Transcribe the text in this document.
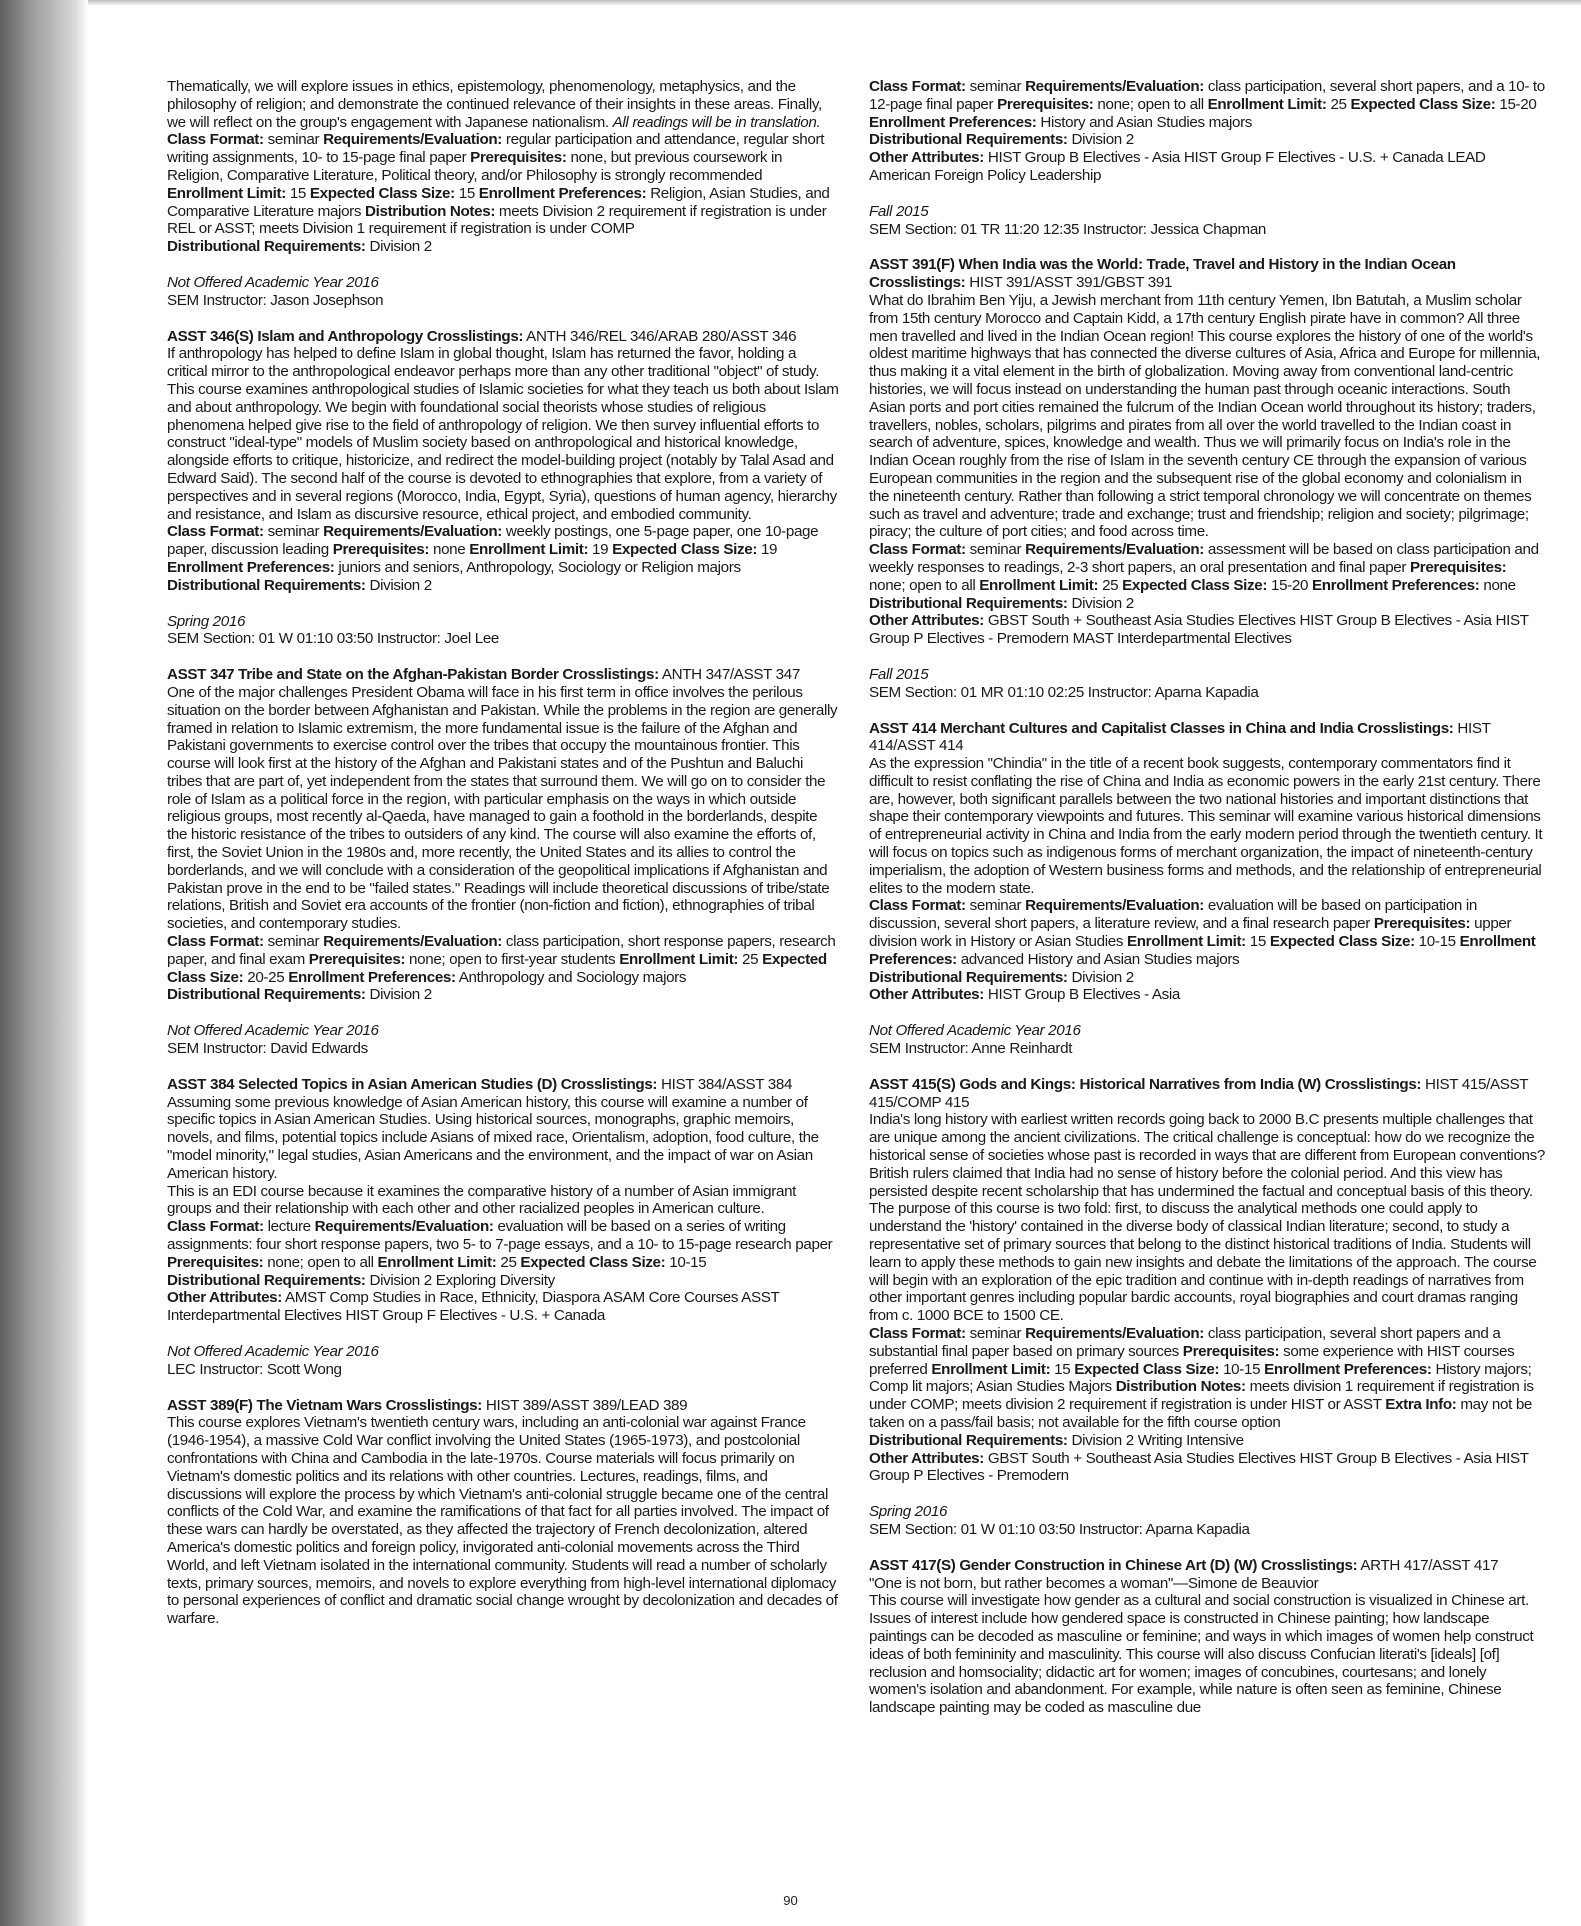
Thematically, we will explore issues in ethics, epistemology, phenomenology, metaphysics, and the philosophy of religion; and demonstrate the continued relevance of their insights in these areas. Finally, we will reflect on the group's engagement with Japanese nationalism. All readings will be in translation.

Class Format: seminar Requirements/Evaluation: regular participation and attendance, regular short writing assignments, 10- to 15-page final paper Prerequisites: none, but previous coursework in Religion, Comparative Literature, Political theory, and/or Philosophy is strongly recommended Enrollment Limit: 15 Expected Class Size: 15 Enrollment Preferences: Religion, Asian Studies, and Comparative Literature majors Distribution Notes: meets Division 2 requirement if registration is under REL or ASST; meets Division 1 requirement if registration is under COMP

Distributional Requirements: Division 2

Not Offered Academic Year 2016

SEM Instructor: Jason Josephson

ASST 346(S) Islam and Anthropology Crosslistings: ANTH 346/REL 346/ARAB 280/ASST 346

If anthropology has helped to define Islam in global thought, Islam has returned the favor, holding a critical mirror to the anthropological endeavor perhaps more than any other traditional "object" of study. This course examines anthropological studies of Islamic societies for what they teach us both about Islam and about anthropology. We begin with foundational social theorists whose studies of religious phenomena helped give rise to the field of anthropology of religion. We then survey influential efforts to construct "ideal-type" models of Muslim society based on anthropological and historical knowledge, alongside efforts to critique, historicize, and redirect the model-building project (notably by Talal Asad and Edward Said). The second half of the course is devoted to ethnographies that explore, from a variety of perspectives and in several regions (Morocco, India, Egypt, Syria), questions of human agency, hierarchy and resistance, and Islam as discursive resource, ethical project, and embodied community.

Class Format: seminar Requirements/Evaluation: weekly postings, one 5-page paper, one 10-page paper, discussion leading Prerequisites: none Enrollment Limit: 19 Expected Class Size: 19 Enrollment Preferences: juniors and seniors, Anthropology, Sociology or Religion majors

Distributional Requirements: Division 2

Spring 2016

SEM Section: 01 W 01:10 03:50 Instructor: Joel Lee

ASST 347 Tribe and State on the Afghan-Pakistan Border Crosslistings: ANTH 347/ASST 347

One of the major challenges President Obama will face in his first term in office involves the perilous situation on the border between Afghanistan and Pakistan. While the problems in the region are generally framed in relation to Islamic extremism, the more fundamental issue is the failure of the Afghan and Pakistani governments to exercise control over the tribes that occupy the mountainous frontier. This course will look first at the history of the Afghan and Pakistani states and of the Pushtun and Baluchi tribes that are part of, yet independent from the states that surround them. We will go on to consider the role of Islam as a political force in the region, with particular emphasis on the ways in which outside religious groups, most recently al-Qaeda, have managed to gain a foothold in the borderlands, despite the historic resistance of the tribes to outsiders of any kind. The course will also examine the efforts of, first, the Soviet Union in the 1980s and, more recently, the United States and its allies to control the borderlands, and we will conclude with a consideration of the geopolitical implications if Afghanistan and Pakistan prove in the end to be "failed states." Readings will include theoretical discussions of tribe/state relations, British and Soviet era accounts of the frontier (non-fiction and fiction), ethnographies of tribal societies, and contemporary studies.

Class Format: seminar Requirements/Evaluation: class participation, short response papers, research paper, and final exam Prerequisites: none; open to first-year students Enrollment Limit: 25 Expected Class Size: 20-25 Enrollment Preferences: Anthropology and Sociology majors

Distributional Requirements: Division 2

Not Offered Academic Year 2016

SEM Instructor: David Edwards

ASST 384 Selected Topics in Asian American Studies (D) Crosslistings: HIST 384/ASST 384

Assuming some previous knowledge of Asian American history, this course will examine a number of specific topics in Asian American Studies. Using historical sources, monographs, graphic memoirs, novels, and films, potential topics include Asians of mixed race, Orientalism, adoption, food culture, the "model minority," legal studies, Asian Americans and the environment, and the impact of war on Asian American history.

This is an EDI course because it examines the comparative history of a number of Asian immigrant groups and their relationship with each other and other racialized peoples in American culture.

Class Format: lecture Requirements/Evaluation: evaluation will be based on a series of writing assignments: four short response papers, two 5- to 7-page essays, and a 10- to 15-page research paper Prerequisites: none; open to all Enrollment Limit: 25 Expected Class Size: 10-15

Distributional Requirements: Division 2 Exploring Diversity

Other Attributes: AMST Comp Studies in Race, Ethnicity, Diaspora ASAM Core Courses ASST Interdepartmental Electives HIST Group F Electives - U.S. + Canada

Not Offered Academic Year 2016

LEC Instructor: Scott Wong

ASST 389(F) The Vietnam Wars Crosslistings: HIST 389/ASST 389/LEAD 389

This course explores Vietnam's twentieth century wars, including an anti-colonial war against France (1946-1954), a massive Cold War conflict involving the United States (1965-1973), and postcolonial confrontations with China and Cambodia in the late-1970s. Course materials will focus primarily on Vietnam's domestic politics and its relations with other countries. Lectures, readings, films, and discussions will explore the process by which Vietnam's anti-colonial struggle became one of the central conflicts of the Cold War, and examine the ramifications of that fact for all parties involved. The impact of these wars can hardly be overstated, as they affected the trajectory of French decolonization, altered America's domestic politics and foreign policy, invigorated anti-colonial movements across the Third World, and left Vietnam isolated in the international community. Students will read a number of scholarly texts, primary sources, memoirs, and novels to explore everything from high-level international diplomacy to personal experiences of conflict and dramatic social change wrought by decolonization and decades of warfare.

Class Format: seminar Requirements/Evaluation: class participation, several short papers, and a 10- to 12-page final paper Prerequisites: none; open to all Enrollment Limit: 25 Expected Class Size: 15-20 Enrollment Preferences: History and Asian Studies majors

Distributional Requirements: Division 2

Other Attributes: HIST Group B Electives - Asia HIST Group F Electives - U.S. + Canada LEAD American Foreign Policy Leadership

Fall 2015

SEM Section: 01 TR 11:20 12:35 Instructor: Jessica Chapman

ASST 391(F) When India was the World: Trade, Travel and History in the Indian Ocean Crosslistings: HIST 391/ASST 391/GBST 391

What do Ibrahim Ben Yiju, a Jewish merchant from 11th century Yemen, Ibn Batutah, a Muslim scholar from 15th century Morocco and Captain Kidd, a 17th century English pirate have in common? All three men travelled and lived in the Indian Ocean region! This course explores the history of one of the world's oldest maritime highways that has connected the diverse cultures of Asia, Africa and Europe for millennia, thus making it a vital element in the birth of globalization. Moving away from conventional land-centric histories, we will focus instead on understanding the human past through oceanic interactions. South Asian ports and port cities remained the fulcrum of the Indian Ocean world throughout its history; traders, travellers, nobles, scholars, pilgrims and pirates from all over the world travelled to the Indian coast in search of adventure, spices, knowledge and wealth. Thus we will primarily focus on India's role in the Indian Ocean roughly from the rise of Islam in the seventh century CE through the expansion of various European communities in the region and the subsequent rise of the global economy and colonialism in the nineteenth century. Rather than following a strict temporal chronology we will concentrate on themes such as travel and adventure; trade and exchange; trust and friendship; religion and society; pilgrimage; piracy; the culture of port cities; and food across time.

Class Format: seminar Requirements/Evaluation: assessment will be based on class participation and weekly responses to readings, 2-3 short papers, an oral presentation and final paper Prerequisites: none; open to all Enrollment Limit: 25 Expected Class Size: 15-20 Enrollment Preferences: none

Distributional Requirements: Division 2

Other Attributes: GBST South + Southeast Asia Studies Electives HIST Group B Electives - Asia HIST Group P Electives - Premodern MAST Interdepartmental Electives

Fall 2015

SEM Section: 01 MR 01:10 02:25 Instructor: Aparna Kapadia

ASST 414 Merchant Cultures and Capitalist Classes in China and India Crosslistings: HIST 414/ASST 414

As the expression "Chindia" in the title of a recent book suggests, contemporary commentators find it difficult to resist conflating the rise of China and India as economic powers in the early 21st century. There are, however, both significant parallels between the two national histories and important distinctions that shape their contemporary viewpoints and futures. This seminar will examine various historical dimensions of entrepreneurial activity in China and India from the early modern period through the twentieth century. It will focus on topics such as indigenous forms of merchant organization, the impact of nineteenth-century imperialism, the adoption of Western business forms and methods, and the relationship of entrepreneurial elites to the modern state.

Class Format: seminar Requirements/Evaluation: evaluation will be based on participation in discussion, several short papers, a literature review, and a final research paper Prerequisites: upper division work in History or Asian Studies Enrollment Limit: 15 Expected Class Size: 10-15 Enrollment Preferences: advanced History and Asian Studies majors

Distributional Requirements: Division 2

Other Attributes: HIST Group B Electives - Asia

Not Offered Academic Year 2016

SEM Instructor: Anne Reinhardt

ASST 415(S) Gods and Kings: Historical Narratives from India (W) Crosslistings: HIST 415/ASST 415/COMP 415

India's long history with earliest written records going back to 2000 B.C presents multiple challenges that are unique among the ancient civilizations. The critical challenge is conceptual: how do we recognize the historical sense of societies whose past is recorded in ways that are different from European conventions? British rulers claimed that India had no sense of history before the colonial period. And this view has persisted despite recent scholarship that has undermined the factual and conceptual basis of this theory.

The purpose of this course is two fold: first, to discuss the analytical methods one could apply to understand the 'history' contained in the diverse body of classical Indian literature; second, to study a representative set of primary sources that belong to the distinct historical traditions of India. Students will learn to apply these methods to gain new insights and debate the limitations of the approach. The course will begin with an exploration of the epic tradition and continue with in-depth readings of narratives from other important genres including popular bardic accounts, royal biographies and court dramas ranging from c. 1000 BCE to 1500 CE.

Class Format: seminar Requirements/Evaluation: class participation, several short papers and a substantial final paper based on primary sources Prerequisites: some experience with HIST courses preferred Enrollment Limit: 15 Expected Class Size: 10-15 Enrollment Preferences: History majors; Comp lit majors; Asian Studies Majors Distribution Notes: meets division 1 requirement if registration is under COMP; meets division 2 requirement if registration is under HIST or ASST Extra Info: may not be taken on a pass/fail basis; not available for the fifth course option

Distributional Requirements: Division 2 Writing Intensive

Other Attributes: GBST South + Southeast Asia Studies Electives HIST Group B Electives - Asia HIST Group P Electives - Premodern

Spring 2016

SEM Section: 01 W 01:10 03:50 Instructor: Aparna Kapadia

ASST 417(S) Gender Construction in Chinese Art (D) (W) Crosslistings: ARTH 417/ASST 417

"One is not born, but rather becomes a woman"—Simone de Beauvior

This course will investigate how gender as a cultural and social construction is visualized in Chinese art. Issues of interest include how gendered space is constructed in Chinese painting; how landscape paintings can be decoded as masculine or feminine; and ways in which images of women help construct ideas of both femininity and masculinity. This course will also discuss Confucian literati's [ideals] [of] reclusion and homsociality; didactic art for women; images of concubines, courtesans; and lonely women's isolation and abandonment. For example, while nature is often seen as feminine, Chinese landscape painting may be coded as masculine due

90
